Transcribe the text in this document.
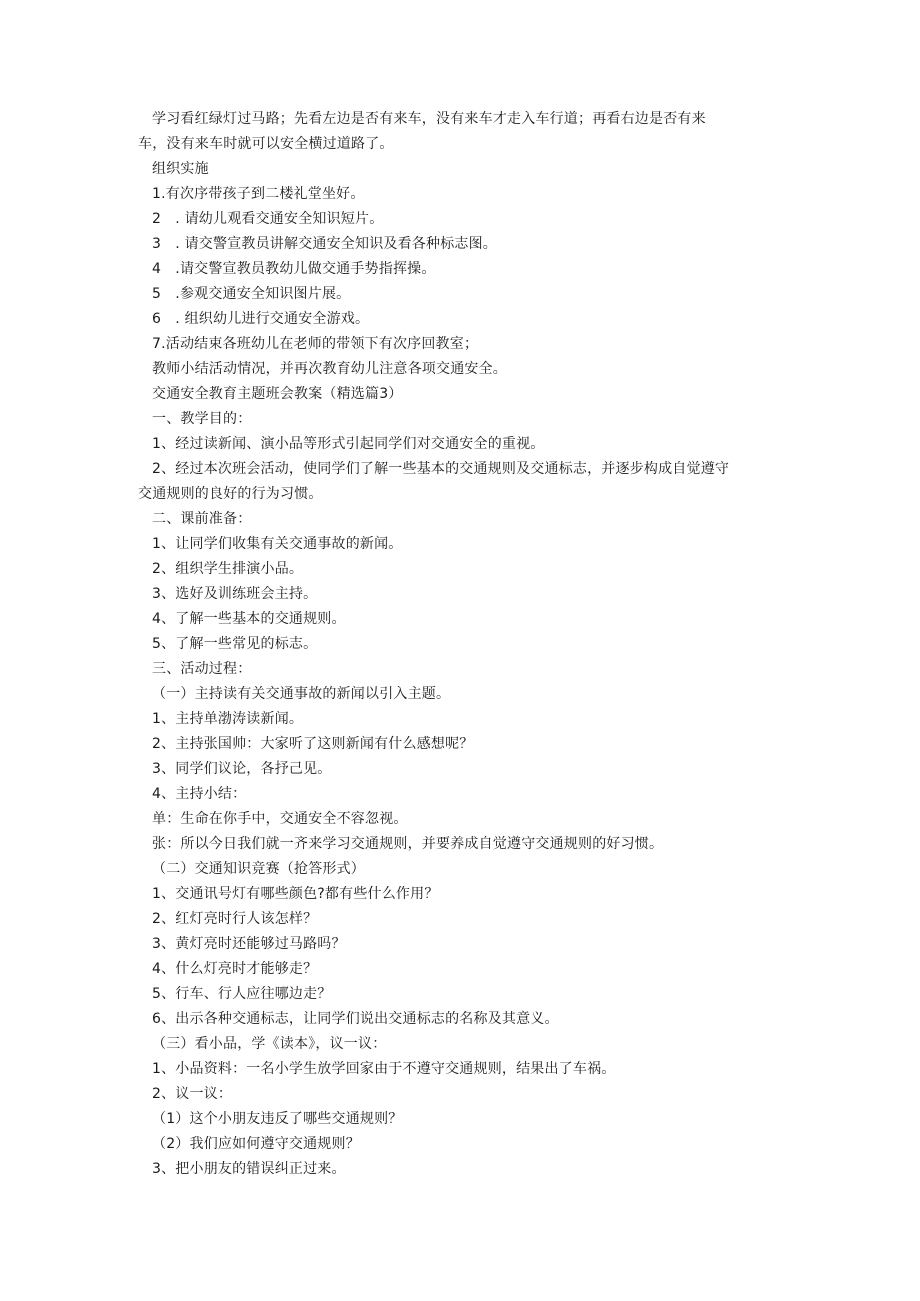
学习看红绿灯过马路；先看左边是否有来车，没有来车才走入车行道；再看右边是否有来
车，没有来车时就可以安全横过道路了。
组织实施
1.有次序带孩子到二楼礼堂坐好。
2　. 请幼儿观看交通安全知识短片。
3　. 请交警宣教员讲解交通安全知识及看各种标志图。
4　.请交警宣教员教幼儿做交通手势指挥操。
5　.参观交通安全知识图片展。
6　. 组织幼儿进行交通安全游戏。
7.活动结束各班幼儿在老师的带领下有次序回教室；
教师小结活动情况，并再次教育幼儿注意各项交通安全。
交通安全教育主题班会教案（精选篇3）
一、教学目的：
1、经过读新闻、演小品等形式引起同学们对交通安全的重视。
2、经过本次班会活动，使同学们了解一些基本的交通规则及交通标志，并逐步构成自觉遵守
交通规则的良好的行为习惯。
二、课前准备：
1、让同学们收集有关交通事故的新闻。
2、组织学生排演小品。
3、选好及训练班会主持。
4、了解一些基本的交通规则。
5、了解一些常见的标志。
三、活动过程：
（一）主持读有关交通事故的新闻以引入主题。
1、主持单渤涛读新闻。
2、主持张国帅：大家听了这则新闻有什么感想呢？
3、同学们议论，各抒己见。
4、主持小结：
单：生命在你手中，交通安全不容忽视。
张：所以今日我们就一齐来学习交通规则，并要养成自觉遵守交通规则的好习惯。
（二）交通知识竞赛（抢答形式）
1、交通讯号灯有哪些颜色?都有些什么作用？
2、红灯亮时行人该怎样？
3、黄灯亮时还能够过马路吗？
4、什么灯亮时才能够走？
5、行车、行人应往哪边走？
6、出示各种交通标志，让同学们说出交通标志的名称及其意义。
（三）看小品，学《读本》，议一议：
1、小品资料：一名小学生放学回家由于不遵守交通规则，结果出了车祸。
2、议一议：
（1）这个小朋友违反了哪些交通规则？
（2）我们应如何遵守交通规则？
3、把小朋友的错误纠正过来。
